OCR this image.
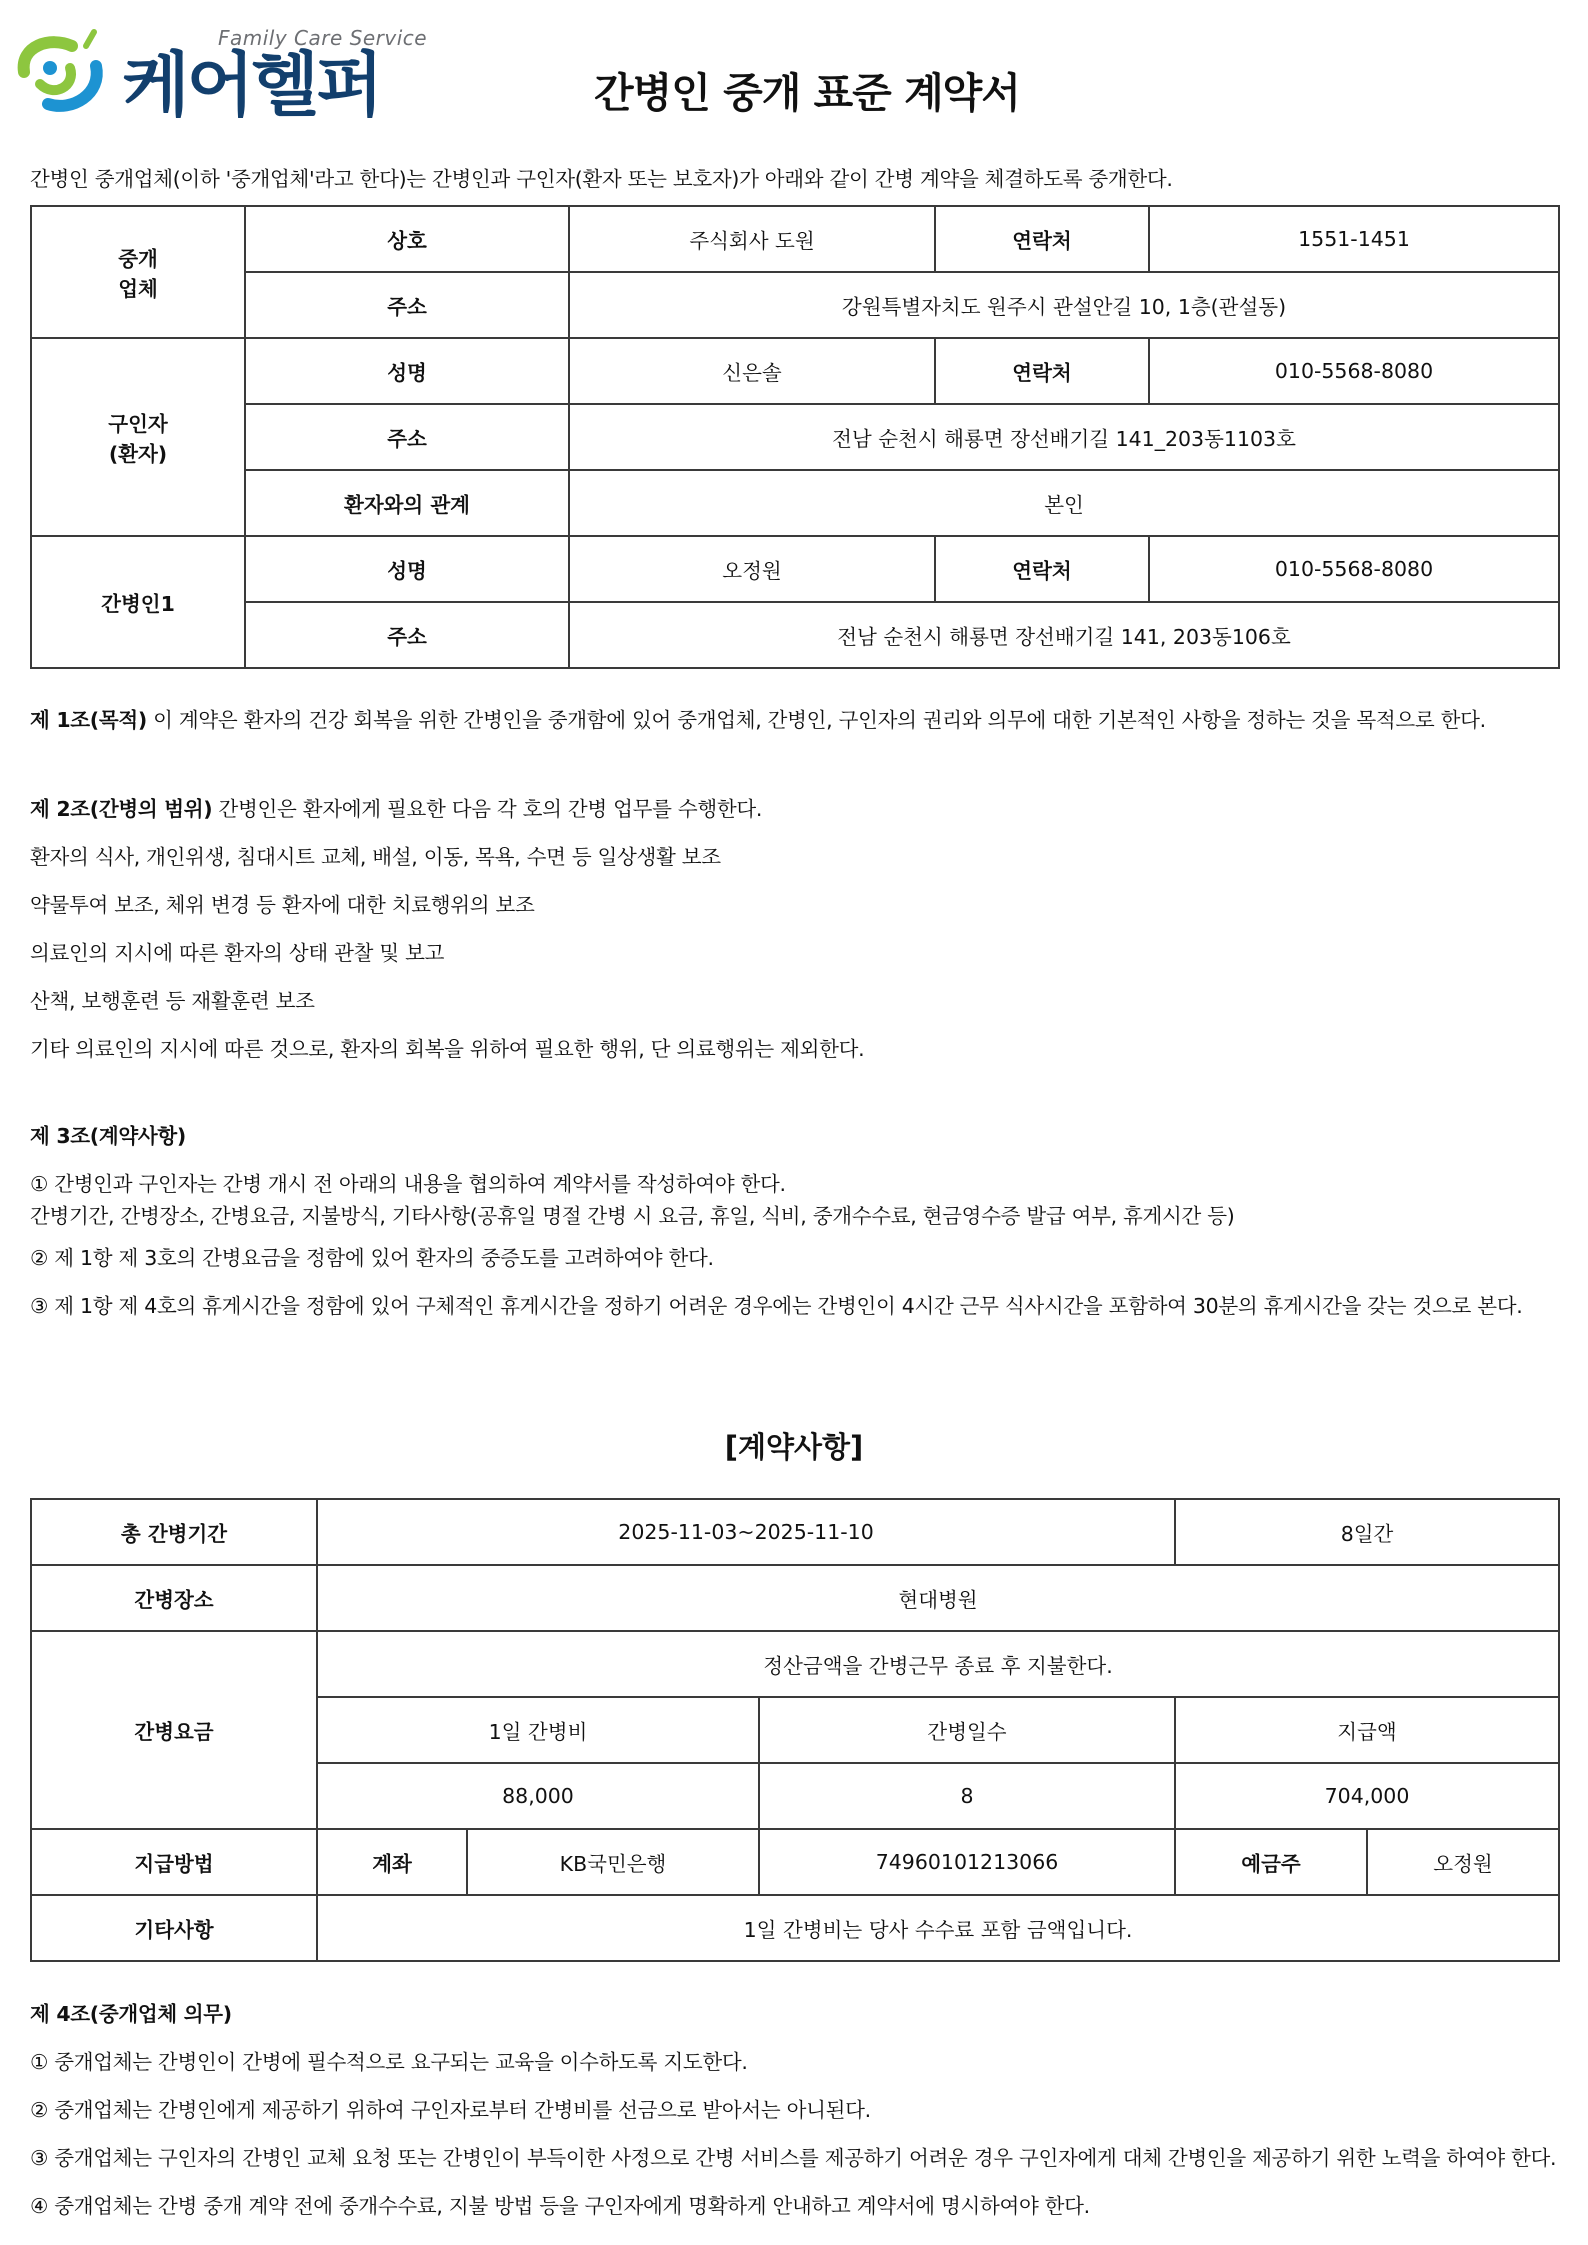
Family Care Service
케어헬퍼	간병인 중개 표준 계약서
간병인 중개업체(이하 '중개업체'라고 한다)는 간병인과 구인자(환자 또는 보호자)가 아래와 같이 간병 계약을 체결하도록 중개한다.
중개
업체	상호	주식회사 도원	연락처	1551-1451
	주소	강원특별자치도 원주시 관설안길 10, 1층(관설동)		
구인자
(환자)	성명	신은솔	연락처	010-5568-8080
	주소	전남 순천시 해룡면 장선배기길 141_203동1103호		
	환자와의 관계	본인		
간병인1	성명	오정원	연락처	010-5568-8080
	주소	전남 순천시 해룡면 장선배기길 141, 203동106호		
제 1조(목적) 이 계약은 환자의 건강 회복을 위한 간병인을 중개함에 있어 중개업체, 간병인, 구인자의 권리와 의무에 대한 기본적인 사항을 정하는 것을 목적으로 한다.
제 2조(간병의 범위) 간병인은 환자에게 필요한 다음 각 호의 간병 업무를 수행한다.
환자의 식사, 개인위생, 침대시트 교체, 배설, 이동, 목욕, 수면 등 일상생활 보조
약물투여 보조, 체위 변경 등 환자에 대한 치료행위의 보조
의료인의 지시에 따른 환자의 상태 관찰 및 보고
산책, 보행훈련 등 재활훈련 보조
기타 의료인의 지시에 따른 것으로, 환자의 회복을 위하여 필요한 행위, 단 의료행위는 제외한다.
제 3조(계약사항)
① 간병인과 구인자는 간병 개시 전 아래의 내용을 협의하여 계약서를 작성하여야 한다.
간병기간, 간병장소, 간병요금, 지불방식, 기타사항(공휴일 명절 간병 시 요금, 휴일, 식비, 중개수수료, 현금영수증 발급 여부, 휴게시간 등)
② 제 1항 제 3호의 간병요금을 정함에 있어 환자의 중증도를 고려하여야 한다.
③ 제 1항 제 4호의 휴게시간을 정함에 있어 구체적인 휴게시간을 정하기 어려운 경우에는 간병인이 4시간 근무 식사시간을 포함하여 30분의 휴게시간을 갖는 것으로 본다.
[계약사항]
총 간병기간	2025-11-03~2025-11-10			8일간	
간병장소	현대병원				
간병요금	정산금액을 간병근무 종료 후 지불한다.				
	1일 간병비		간병일수	지급액	
	88,000		8	704,000	
지급방법	계좌	KB국민은행	74960101213066	예금주	오정원
기타사항	1일 간병비는 당사 수수료 포함 금액입니다.				
제 4조(중개업체 의무)
① 중개업체는 간병인이 간병에 필수적으로 요구되는 교육을 이수하도록 지도한다.
② 중개업체는 간병인에게 제공하기 위하여 구인자로부터 간병비를 선금으로 받아서는 아니된다.
③ 중개업체는 구인자의 간병인 교체 요청 또는 간병인이 부득이한 사정으로 간병 서비스를 제공하기 어려운 경우 구인자에게 대체 간병인을 제공하기 위한 노력을 하여야 한다.
④ 중개업체는 간병 중개 계약 전에 중개수수료, 지불 방법 등을 구인자에게 명확하게 안내하고 계약서에 명시하여야 한다.
